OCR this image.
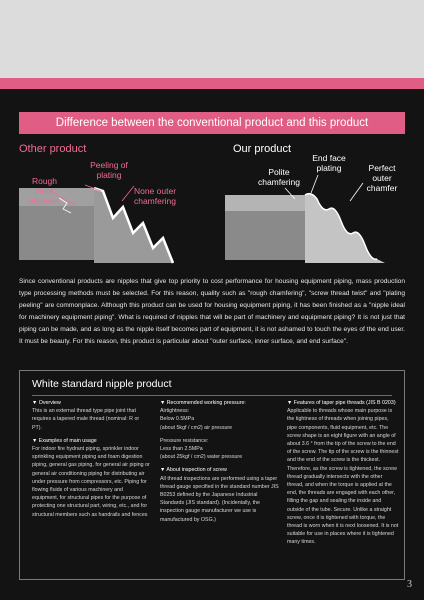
Difference between the conventional product and this product
Other product
Peeling of
plating
Rough
inner
chamfer
None outer
chamfering
Our product
End face
plating
Polite
chamfering
Perfect
outer
chamfer

Since conventional products are nipples that give top priority to cost performance for housing equipment piping, mass production type processing methods must be selected. For this reason, quality such as "rough chamfering", "screw thread twist" and "plating peeling" are commonplace. Although this product can be used for housing equipment piping, it has been finished as a "nipple ideal for machinery equipment piping". What is required of nipples that will be part of machinery and equipment piping? It is not just that piping can be made, and as long as the nipple itself becomes part of equipment, it is not ashamed to touch the eyes of the end user. It must be beauty. For this reason, this product is particular about "outer surface, inner surface, and end surface".

White standard nipple product

▼ Overview
This is an external thread type pipe joint that requires a tapered male thread (nominal: R or PT).

▼ Examples of main usage
For indoor fire hydrant piping, sprinkler indoor sprinkling equipment piping and foam digestion piping, general gas piping, for general air piping or general air conditioning piping for distributing air under pressure from compressors, etc. Piping for flowing fluids of various machinery and equipment, for structural pipes for the purpose of protecting one structural part, wiring, etc., and for structural members such as handrails and fences

▼ Recommended working pressure:
Airtightness:
Below 0.5MPa
(about 5kgf / cm2) air pressure

Pressure resistance:
Less than 2.5MPa
(about 25kgf / cm2) water pressure

▼ About inspection of screw
All thread inspections are performed using a taper thread gauge specified in the standard number JIS B0253 defined by the Japanese Industrial Standards (JIS standard). (Incidentally, the inspection gauge manufacturer we use is manufactured by OSG.)

▼ Features of taper pipe threads (JIS B 0203)
Applicable to threads whose main purpose is the tightness of threads when joining pipes, pipe components, fluid equipment, etc. The screw shape is an eight figure with an angle of about 3.6 ° from the tip of the screw to the end of the screw. The tip of the screw is the thinnest and the end of the screw is the thickest. Therefore, as the screw is tightened, the screw thread gradually intersects with the other thread, and when the torque is applied at the end, the threads are engaged with each other, filling the gap and sealing the inside and outside of the tube. Secure. Unlike a straight screw, once it is tightened with torque, the thread is worn when it is next loosened. It is not suitable for use in places where it is tightened many times.

3
